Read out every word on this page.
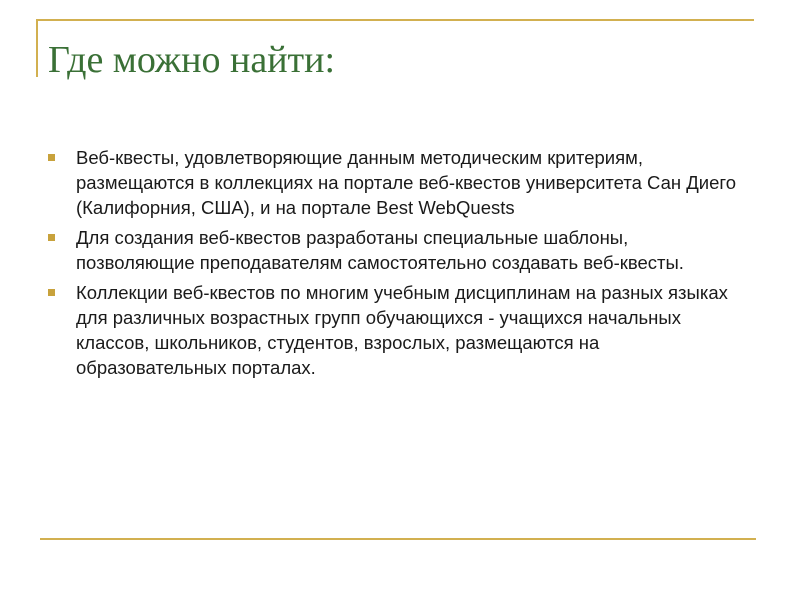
Где можно найти:
Веб-квесты, удовлетворяющие данным методическим критериям, размещаются в коллекциях на портале веб-квестов университета Сан Диего (Калифорния, США), и на портале Best WebQuests
Для создания веб-квестов разработаны специальные шаблоны, позволяющие преподавателям самостоятельно создавать веб-квесты.
Коллекции веб-квестов по многим учебным дисциплинам на разных языках для различных возрастных групп обучающихся - учащихся начальных классов, школьников, студентов, взрослых, размещаются на образовательных порталах.
